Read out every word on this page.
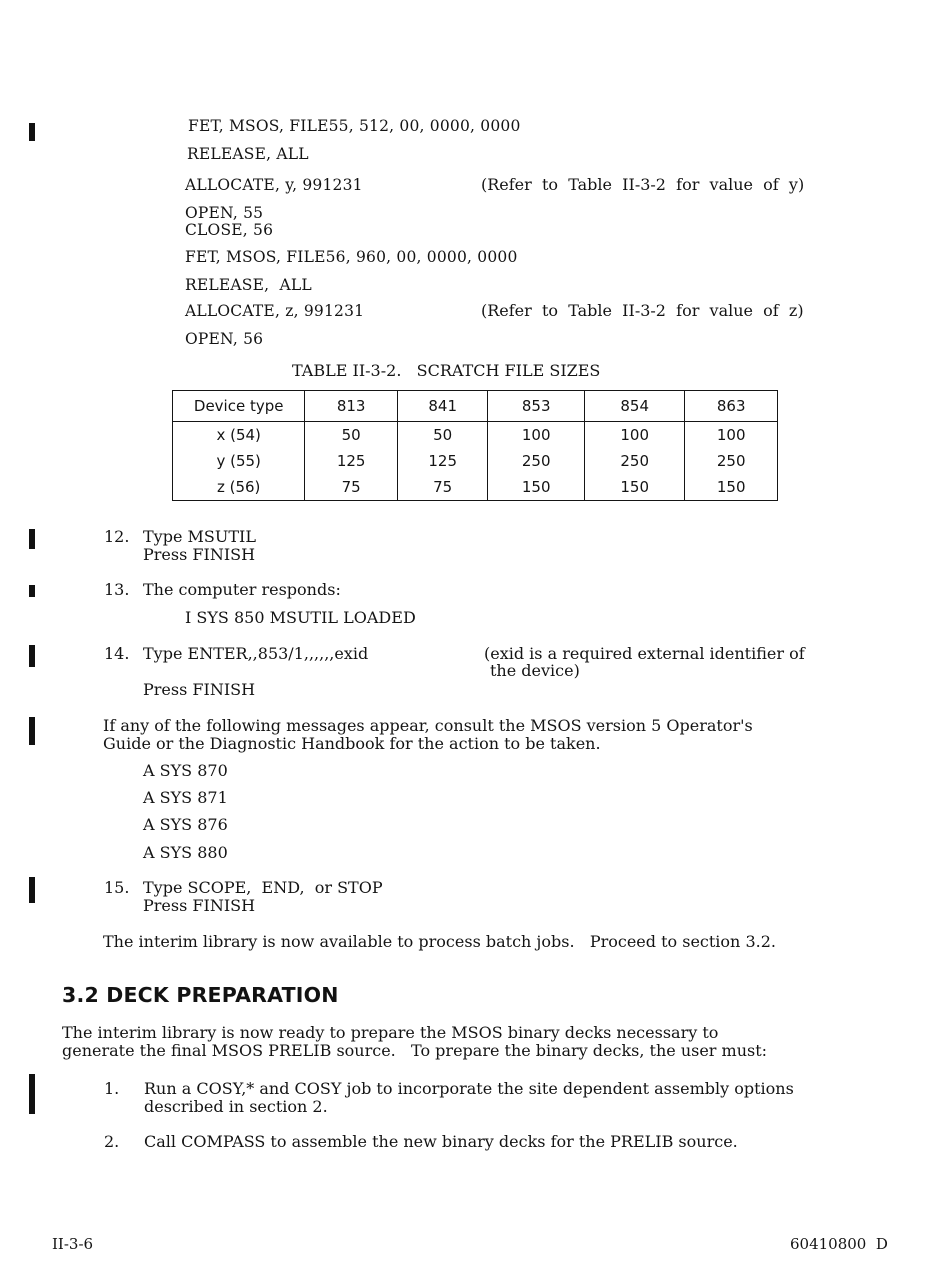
FET, MSOS, FILE55, 512, 00, 0000, 0000
RELEASE, ALL
ALLOCATE, y, 991231	(Refer  to  Table  II-3-2  for  value  of  y)
OPEN, 55
CLOSE, 56
FET, MSOS, FILE56, 960, 00, 0000, 0000
RELEASE,  ALL
ALLOCATE, z, 991231	(Refer  to  Table  II-3-2  for  value  of  z)
OPEN, 56
TABLE II-3-2.   SCRATCH FILE SIZES
Device type	813	841	853	854	863
x (54)	50	50	100	100	100
y (55)	125	125	250	250	250
z (56)	75	75	150	150	150
12. Type MSUTIL
Press FINISH
13. The computer responds:
I SYS 850 MSUTIL LOADED
14. Type ENTER,,853/1,,,,,,exid	(exid is a required external identifier of
the device)
Press FINISH
If any of the following messages appear, consult the MSOS version 5 Operator's
Guide or the Diagnostic Handbook for the action to be taken.
A SYS 870
A SYS 871
A SYS 876
A SYS 880
15. Type SCOPE,  END,  or STOP
Press FINISH
The interim library is now available to process batch jobs.   Proceed to section 3.2.
3.2 DECK PREPARATION
The interim library is now ready to prepare the MSOS binary decks necessary to
generate the final MSOS PRELIB source.   To prepare the binary decks, the user must:
1. Run a COSY,* and COSY job to incorporate the site dependent assembly options
described in section 2.
2. Call COMPASS to assemble the new binary decks for the PRELIB source.
II-3-6	60410800  D
